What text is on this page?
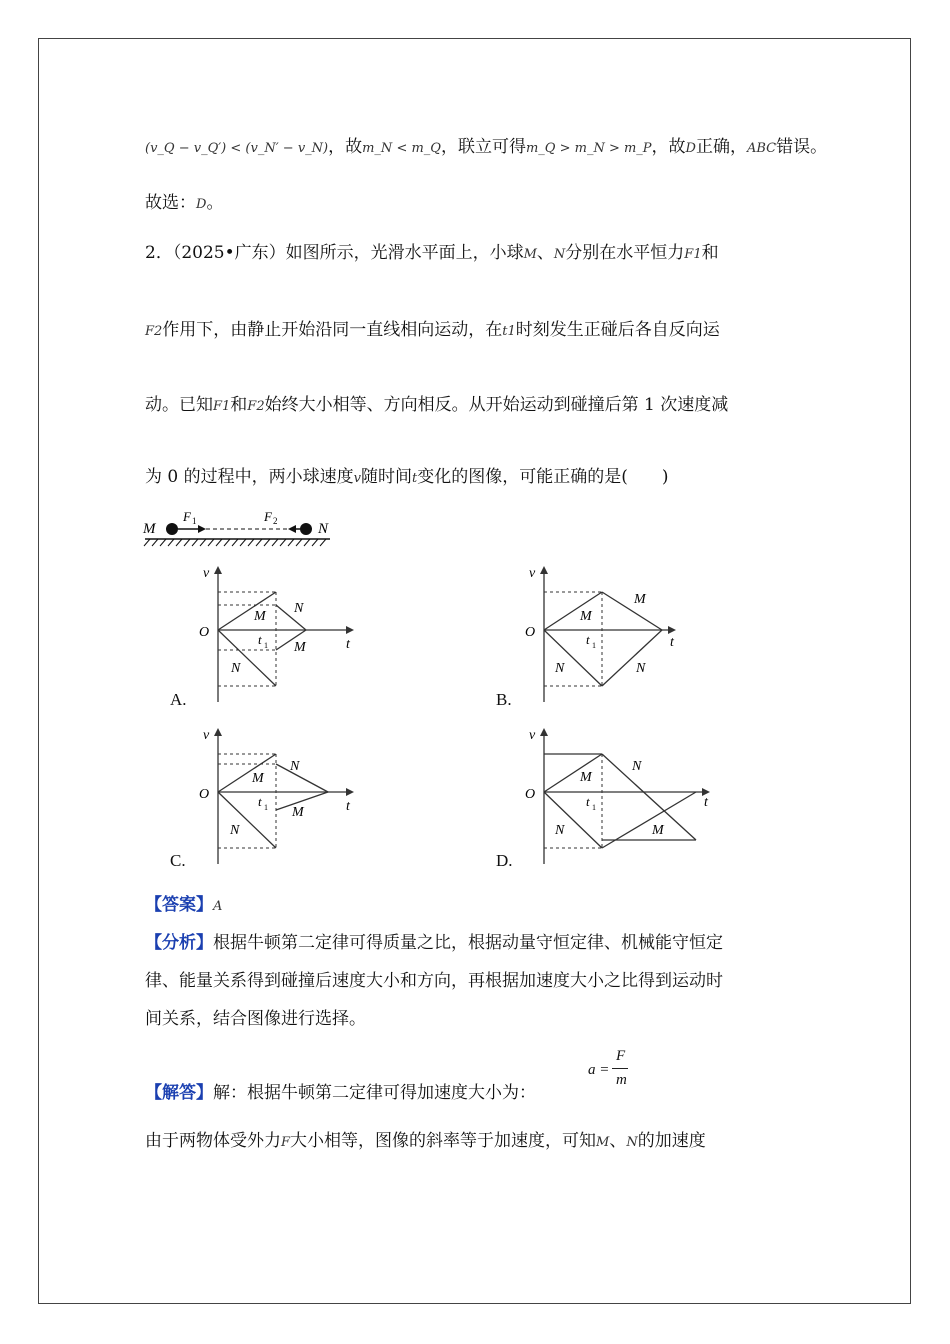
(v_Q − v_Q′) < (v_N′ − v_N)，故m_N < m_Q，联立可得m_Q > m_N > m_P，故D正确，ABC错误。
故选：D。
2．（2025•广东）如图所示，光滑水平面上，小球M、N分别在水平恒力F1和
F2作用下，由静止开始沿同一直线相向运动，在t1时刻发生正碰后各自反向运
动。已知F1和F2始终大小相等、方向相反。从开始运动到碰撞后第 1 次速度减
为 0 的过程中，两小球速度v随时间t变化的图像，可能正确的是(　　)
M
F 1	F 2	N
v
O
t
t 1
M
N
M
N
A.
v
O
t
t 1
M
M
N	N
B.
v
O
t
t 1
M
N
M
N
C.
v
O
t
t 1
M
N
N	M
D.
【答案】A
【分析】根据牛顿第二定律可得质量之比，根据动量守恒定律、机械能守恒定
律、能量关系得到碰撞后速度大小和方向，再根据加速度大小之比得到运动时
间关系，结合图像进行选择。
a =
F
m
【解答】解：根据牛顿第二定律可得加速度大小为：
由于两物体受外力F大小相等，图像的斜率等于加速度，可知M、N的加速度
